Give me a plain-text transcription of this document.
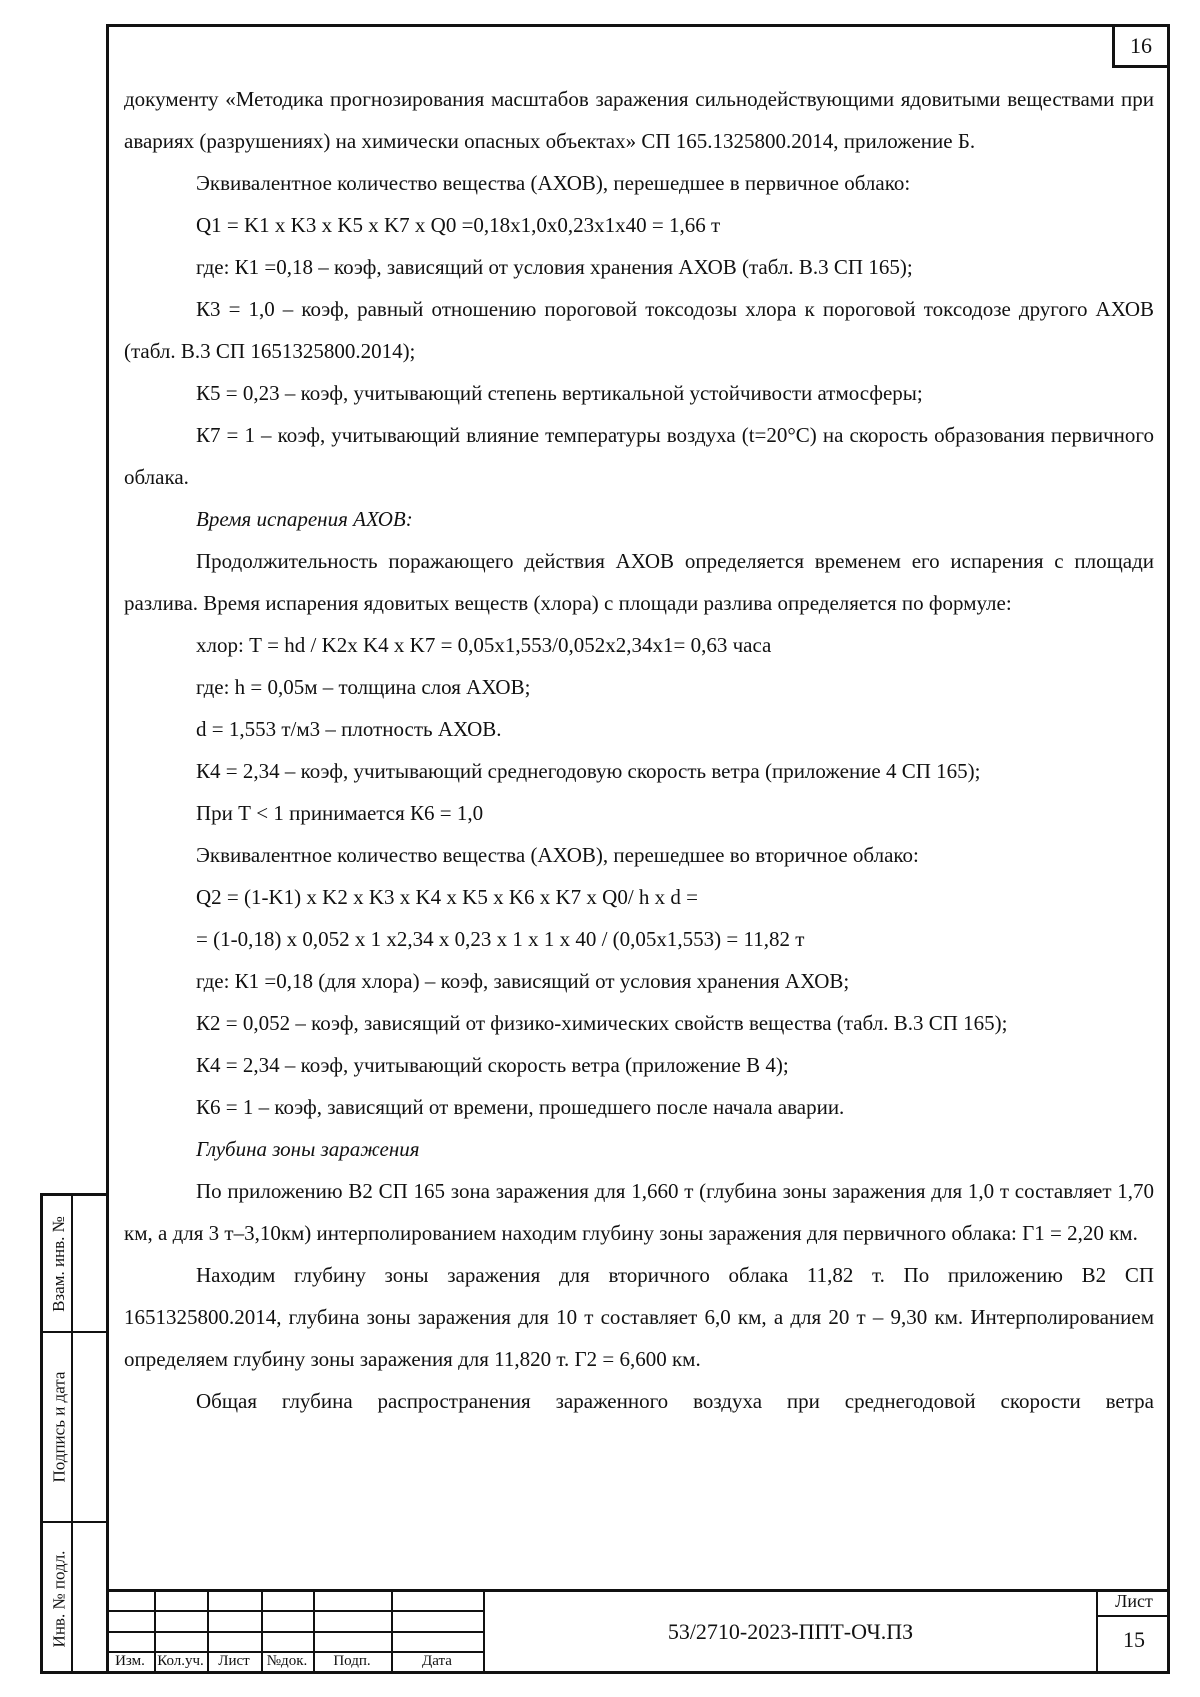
16

документу «Методика прогнозирования масштабов заражения сильнодействующими ядовитыми веществами при авариях (разрушениях) на химически опасных объектах» СП 165.1325800.2014, приложение Б.

Эквивалентное количество вещества (АХОВ), перешедшее в первичное облако:

Q1 = K1 x K3 x K5 x K7 x Q0 =0,18x1,0x0,23x1x40 = 1,66 т

где: К1 =0,18 – коэф, зависящий от условия хранения АХОВ (табл. В.3 СП 165);

К3 = 1,0 – коэф, равный отношению пороговой токсодозы хлора к пороговой токсодозе другого АХОВ (табл. В.3 СП 1651325800.2014);

К5 = 0,23 – коэф, учитывающий степень вертикальной устойчивости атмосферы;

К7 = 1 – коэф, учитывающий влияние температуры воздуха (t=20°С) на скорость образования первичного облака.

Время испарения АХОВ:

Продолжительность поражающего действия АХОВ определяется временем его испарения с площади разлива. Время испарения ядовитых веществ (хлора) с площади разлива определяется по формуле:

хлор: Т = hd / K2x K4 x K7 = 0,05х1,553/0,052х2,34х1= 0,63 часа

где: h = 0,05м – толщина слоя АХОВ;

d = 1,553 т/м3 – плотность АХОВ.

К4 = 2,34 – коэф, учитывающий среднегодовую скорость ветра (приложение 4 СП 165);

При Т < 1 принимается К6 = 1,0

Эквивалентное количество вещества (АХОВ), перешедшее во вторичное облако:

Q2 = (1-K1) x K2 x K3 x K4 x K5 x K6 x K7 x Q0/ h x d =

= (1-0,18) х 0,052 х 1 х2,34 х 0,23 х 1 х 1 х 40 / (0,05х1,553) = 11,82 т

где: К1 =0,18 (для хлора) – коэф, зависящий от условия хранения АХОВ;

К2 = 0,052 – коэф, зависящий от физико-химических свойств вещества (табл. В.3 СП 165);

К4 = 2,34 – коэф, учитывающий скорость ветра (приложение В 4);

К6 = 1 – коэф, зависящий от времени, прошедшего после начала аварии.

Глубина зоны заражения

По приложению В2 СП 165 зона заражения для 1,660 т (глубина зоны заражения для 1,0 т составляет 1,70 км, а для 3 т–3,10км) интерполированием находим глубину зоны заражения для первичного облака: Г1 = 2,20 км.

Находим глубину зоны заражения для вторичного облака 11,82 т. По приложению В2 СП 1651325800.2014, глубина зоны заражения для 10 т составляет 6,0 км, а для 20 т – 9,30 км. Интерполированием определяем глубину зоны заражения для 11,820 т. Г2 = 6,600 км.

Общая глубина распространения зараженного воздуха при среднегодовой скорости ветра

Взам. инв. №
Подпись и дата
Инв. № подл.
Изм. Кол.уч. Лист	№док.	Подп.	Дата
53/2710-2023-ППТ-ОЧ.ПЗ
Лист
15
